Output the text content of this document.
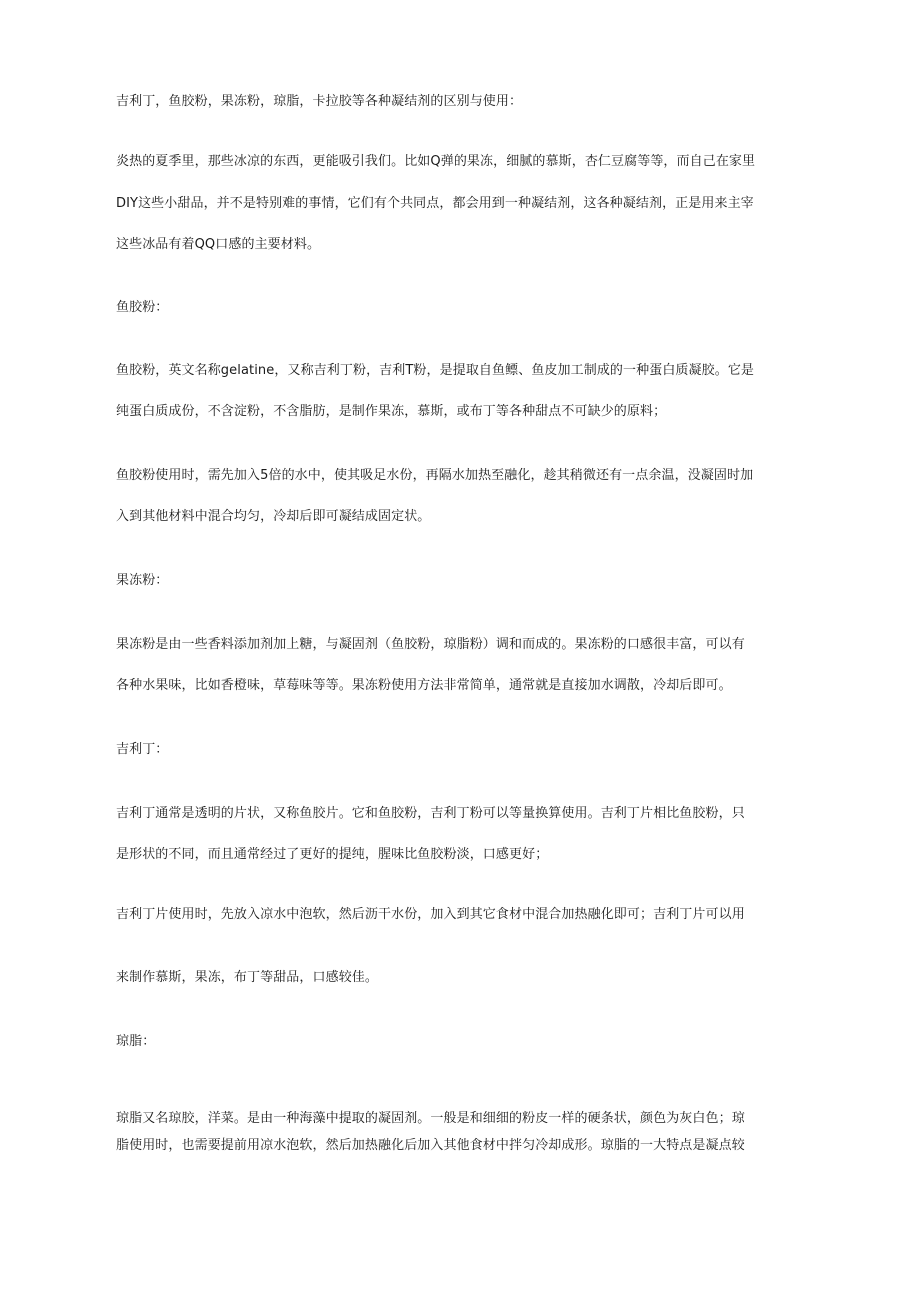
吉利丁，鱼胶粉，果冻粉，琼脂，卡拉胶等各种凝结剂的区别与使用：
炎热的夏季里，那些冰凉的东西，更能吸引我们。比如Q弹的果冻，细腻的慕斯，杏仁豆腐等等，而自己在家里
DIY这些小甜品，并不是特别难的事情，它们有个共同点，都会用到一种凝结剂，这各种凝结剂，正是用来主宰
这些冰品有着QQ口感的主要材料。
鱼胶粉：
鱼胶粉，英文名称gelatine，又称吉利丁粉，吉利T粉，是提取自鱼鳔、鱼皮加工制成的一种蛋白质凝胶。它是
纯蛋白质成份，不含淀粉，不含脂肪，是制作果冻，慕斯，或布丁等各种甜点不可缺少的原料；
鱼胶粉使用时，需先加入5倍的水中，使其吸足水份，再隔水加热至融化，趁其稍微还有一点余温，没凝固时加
入到其他材料中混合均匀，冷却后即可凝结成固定状。
果冻粉：
果冻粉是由一些香料添加剂加上糖，与凝固剂（鱼胶粉，琼脂粉）调和而成的。果冻粉的口感很丰富，可以有
各种水果味，比如香橙味，草莓味等等。果冻粉使用方法非常简单，通常就是直接加水调散，冷却后即可。
吉利丁：
吉利丁通常是透明的片状，又称鱼胶片。它和鱼胶粉，吉利丁粉可以等量换算使用。吉利丁片相比鱼胶粉，只
是形状的不同，而且通常经过了更好的提纯，腥味比鱼胶粉淡，口感更好；
吉利丁片使用时，先放入凉水中泡软，然后沥干水份，加入到其它食材中混合加热融化即可；吉利丁片可以用
来制作慕斯，果冻，布丁等甜品，口感较佳。
琼脂：
琼脂又名琼胶，洋菜。是由一种海藻中提取的凝固剂。一般是和细细的粉皮一样的硬条状，颜色为灰白色；琼
脂使用时，也需要提前用凉水泡软，然后加热融化后加入其他食材中拌匀冷却成形。琼脂的一大特点是凝点较
